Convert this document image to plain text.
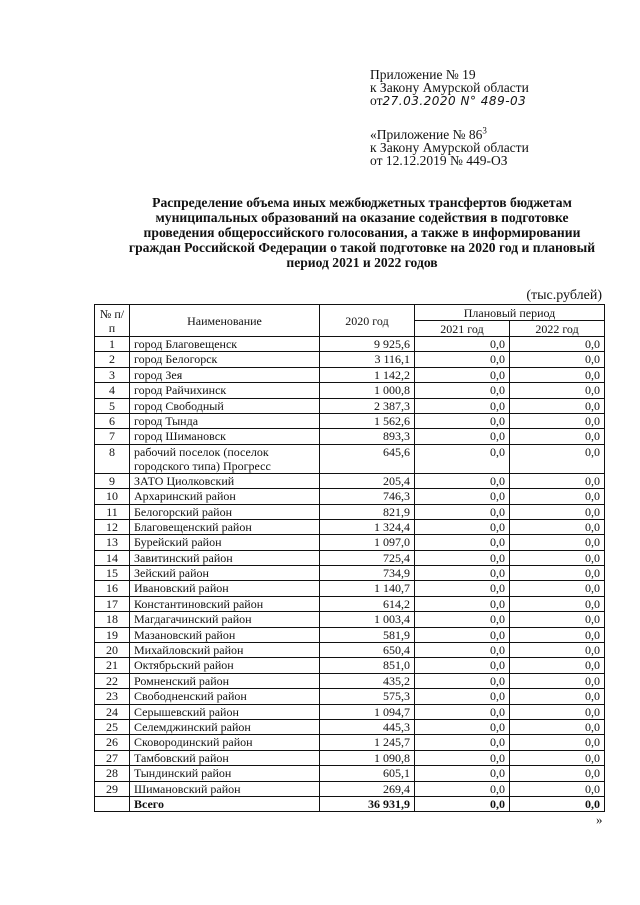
Приложение № 19
к Закону Амурской области
от27.03.2020 N° 489-03
«Приложение № $86^3$
к Закону Амурской области
от 12.12.2019 № 449-ОЗ
Распределение объема иных межбюджетных трансфертов бюджетам муниципальных образований на оказание содействия в подготовке проведения общероссийского голосования, а также в информировании граждан Российской Федерации о такой подготовке на 2020 год и плановый период 2021 и 2022 годов
(тыс.рублей)
№ п/п	Наименование	2020 год	Плановый период	
			2021 год	2022 год
1	город Благовещенск	9 925,6	0,0	0,0
2	город Белогорск	3 116,1	0,0	0,0
3	город Зея	1 142,2	0,0	0,0
4	город Райчихинск	1 000,8	0,0	0,0
5	город Свободный	2 387,3	0,0	0,0
6	город Тында	1 562,6	0,0	0,0
7	город Шимановск	893,3	0,0	0,0
8	рабочий поселок (поселок городского типа) Прогресс	645,6	0,0	0,0
9	ЗАТО Циолковский	205,4	0,0	0,0
10	Архаринский район	746,3	0,0	0,0
11	Белогорский район	821,9	0,0	0,0
12	Благовещенский район	1 324,4	0,0	0,0
13	Бурейский район	1 097,0	0,0	0,0
14	Завитинский район	725,4	0,0	0,0
15	Зейский район	734,9	0,0	0,0
16	Ивановский район	1 140,7	0,0	0,0
17	Константиновский район	614,2	0,0	0,0
18	Магдагачинский район	1 003,4	0,0	0,0
19	Мазановский район	581,9	0,0	0,0
20	Михайловский район	650,4	0,0	0,0
21	Октябрьский район	851,0	0,0	0,0
22	Ромненский район	435,2	0,0	0,0
23	Свободненский район	575,3	0,0	0,0
24	Серышевский район	1 094,7	0,0	0,0
25	Селемджинский район	445,3	0,0	0,0
26	Сковородинский район	1 245,7	0,0	0,0
27	Тамбовский район	1 090,8	0,0	0,0
28	Тындинский район	605,1	0,0	0,0
29	Шимановский район	269,4	0,0	0,0
	Всего	36 931,9	0,0	0,0
»
